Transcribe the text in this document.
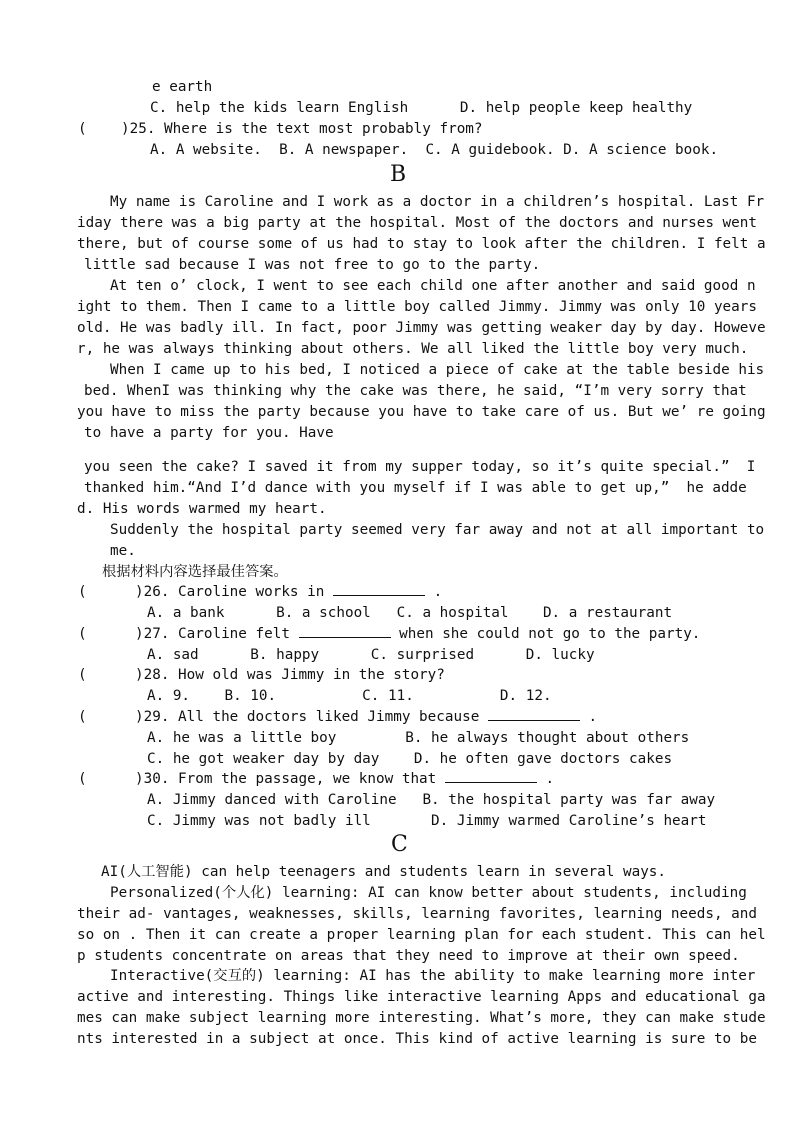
e earth
C. help the kids learn English      D. help people keep healthy
( )25. Where is the text most probably from?
A. A website.  B. A newspaper.  C. A guidebook. D. A science book.
B
My name is Caroline and I work as a doctor in a children’s hospital. Last Fr
iday there was a big party at the hospital. Most of the doctors and nurses went
there, but of course some of us had to stay to look after the children. I felt a
little sad because I was not free to go to the party.
At ten o’ clock, I went to see each child one after another and said good n
ight to them. Then I came to a little boy called Jimmy. Jimmy was only 10 years
old. He was badly ill. In fact, poor Jimmy was getting weaker day by day. Howeve
r, he was always thinking about others. We all liked the little boy very much.
When I came up to his bed, I noticed a piece of cake at the table beside his
bed. WhenI was thinking why the cake was there, he said, “I’m very sorry that
you have to miss the party because you have to take care of us. But we’ re going
to have a party for you. Have
you seen the cake? I saved it from my supper today, so it’s quite special.”  I
thanked him.“And I’d dance with you myself if I was able to get up,”  he adde
d. His words warmed my heart.
Suddenly the hospital party seemed very far away and not at all important to
me.
根据材料内容选择最佳答案。
(	)26. Caroline works in	.
A. a bank      B. a school   C. a hospital    D. a restaurant
(	)27. Caroline felt	when she could not go to the party.
A. sad      B. happy      C. surprised      D. lucky
(	)28. How old was Jimmy in the story?
A. 9.    B. 10.          C. 11.          D. 12.
(	)29. All the doctors liked Jimmy because	.
A. he was a little boy        B. he always thought about others
C. he got weaker day by day    D. he often gave doctors cakes
(	)30. From the passage, we know that	.
A. Jimmy danced with Caroline   B. the hospital party was far away
C. Jimmy was not badly ill       D. Jimmy warmed Caroline’s heart
C
AI(人工智能) can help teenagers and students learn in several ways.
Personalized(个人化) learning: AI can know better about students, including
their ad- vantages, weaknesses, skills, learning favorites, learning needs, and
so on . Then it can create a proper learning plan for each student. This can hel
p students concentrate on areas that they need to improve at their own speed.
Interactive(交互的) learning: AI has the ability to make learning more inter
active and interesting. Things like interactive learning Apps and educational ga
mes can make subject learning more interesting. What’s more, they can make stude
nts interested in a subject at once. This kind of active learning is sure to be
